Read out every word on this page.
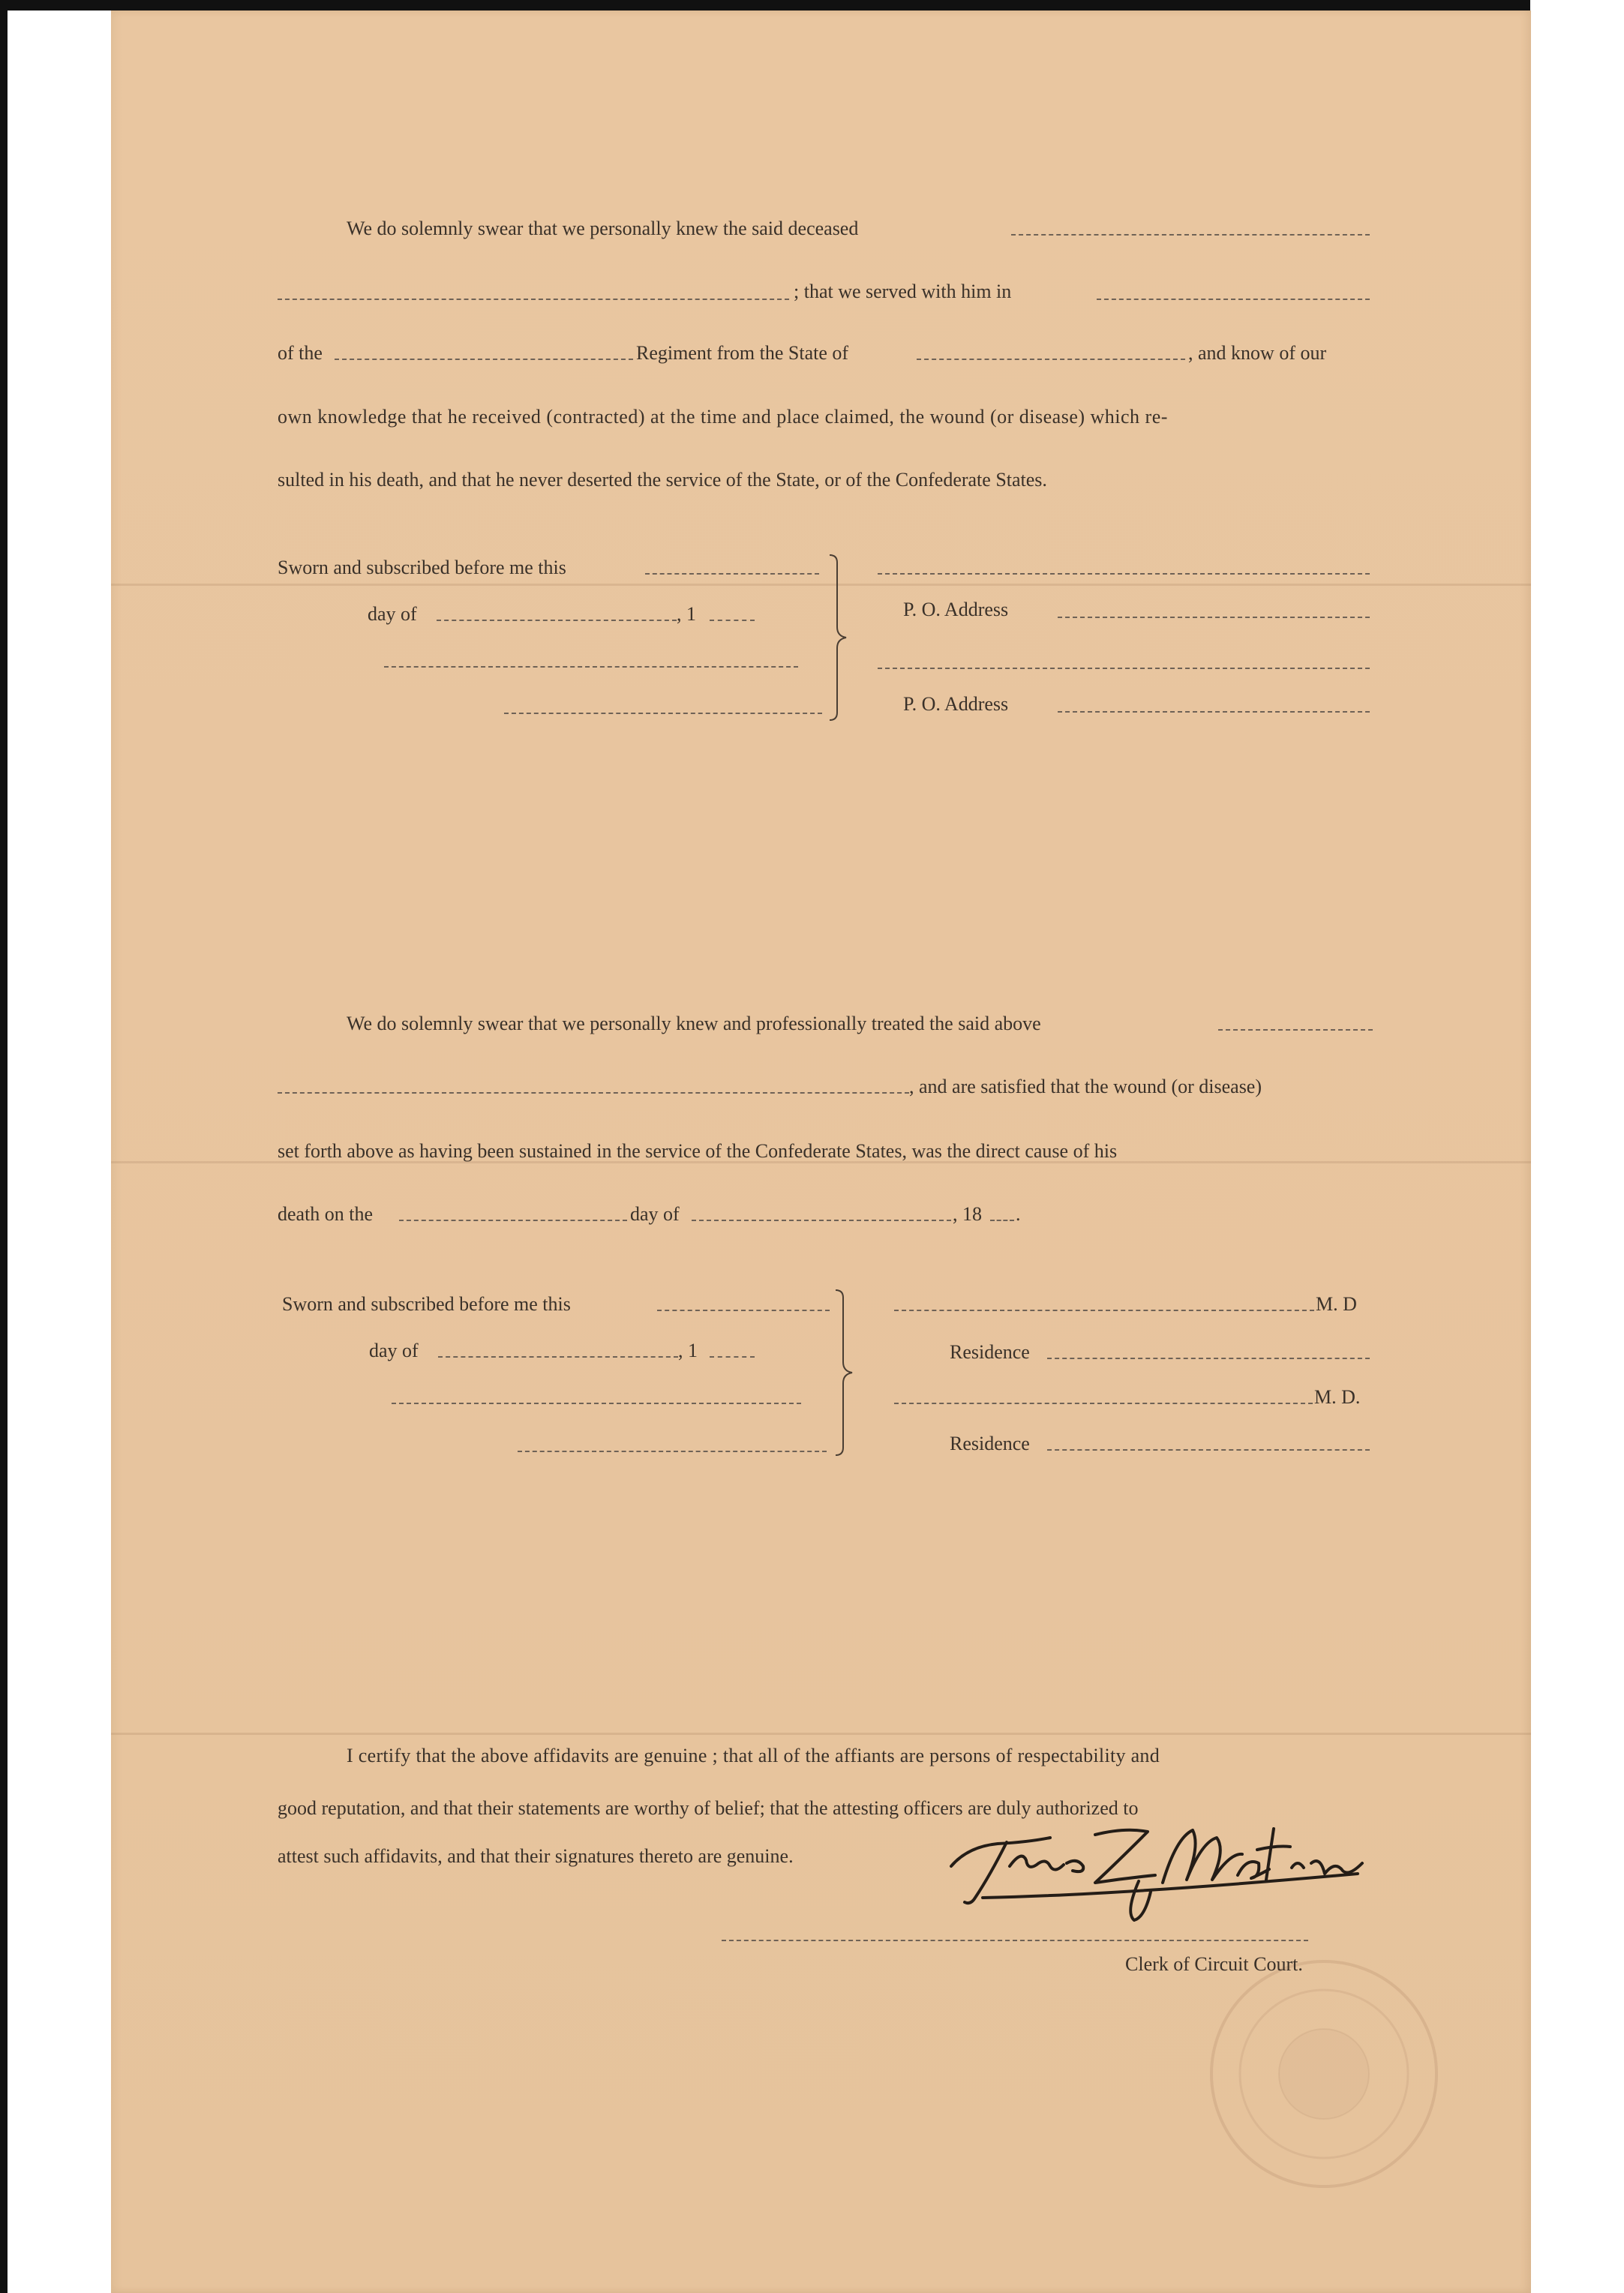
We do solemnly swear that we personally knew the said deceased
; that we served with him in
of the	Regiment from the State of	, and know of our
own knowledge that he received (contracted) at the time and place claimed, the wound (or disease) which re-
sulted in his death, and that he never deserted the service of the State, or of the Confederate States.
Sworn and subscribed before me this
day of	, 1	P. O. Address
P. O. Address
We do solemnly swear that we personally knew and professionally treated the said above
, and are satisfied that the wound (or disease)
set forth above as having been sustained in the service of the Confederate States, was the direct cause of his
death on the	day of	, 18 .
Sworn and subscribed before me this
day of	, 1
M. D
Residence
M. D.
Residence
I certify that the above affidavits are genuine ; that all of the affiants are persons of respectability and
good reputation, and that their statements are worthy of belief; that the attesting officers are duly authorized to
attest such affidavits, and that their signatures thereto are genuine.
Thos Z Martin
Clerk of Circuit Court.
